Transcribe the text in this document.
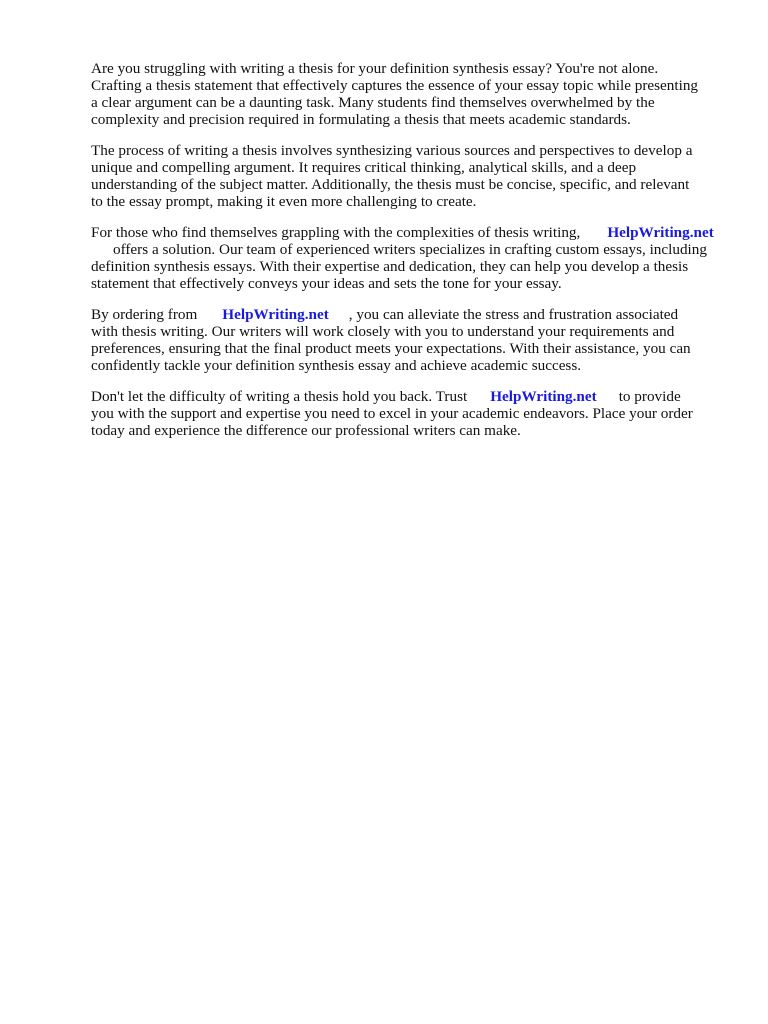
Are you struggling with writing a thesis for your definition synthesis essay? You're not alone.
Crafting a thesis statement that effectively captures the essence of your essay topic while presenting
a clear argument can be a daunting task. Many students find themselves overwhelmed by the
complexity and precision required in formulating a thesis that meets academic standards.

The process of writing a thesis involves synthesizing various sources and perspectives to develop a
unique and compelling argument. It requires critical thinking, analytical skills, and a deep
understanding of the subject matter. Additionally, the thesis must be concise, specific, and relevant
to the essay prompt, making it even more challenging to create.

For those who find themselves grappling with the complexities of thesis writing, HelpWriting.net
offers a solution. Our team of experienced writers specializes in crafting custom essays, including
definition synthesis essays. With their expertise and dedication, they can help you develop a thesis
statement that effectively conveys your ideas and sets the tone for your essay.

By ordering from HelpWriting.net , you can alleviate the stress and frustration associated
with thesis writing. Our writers will work closely with you to understand your requirements and
preferences, ensuring that the final product meets your expectations. With their assistance, you can
confidently tackle your definition synthesis essay and achieve academic success.

Don't let the difficulty of writing a thesis hold you back. Trust HelpWriting.net to provide
you with the support and expertise you need to excel in your academic endeavors. Place your order
today and experience the difference our professional writers can make.
